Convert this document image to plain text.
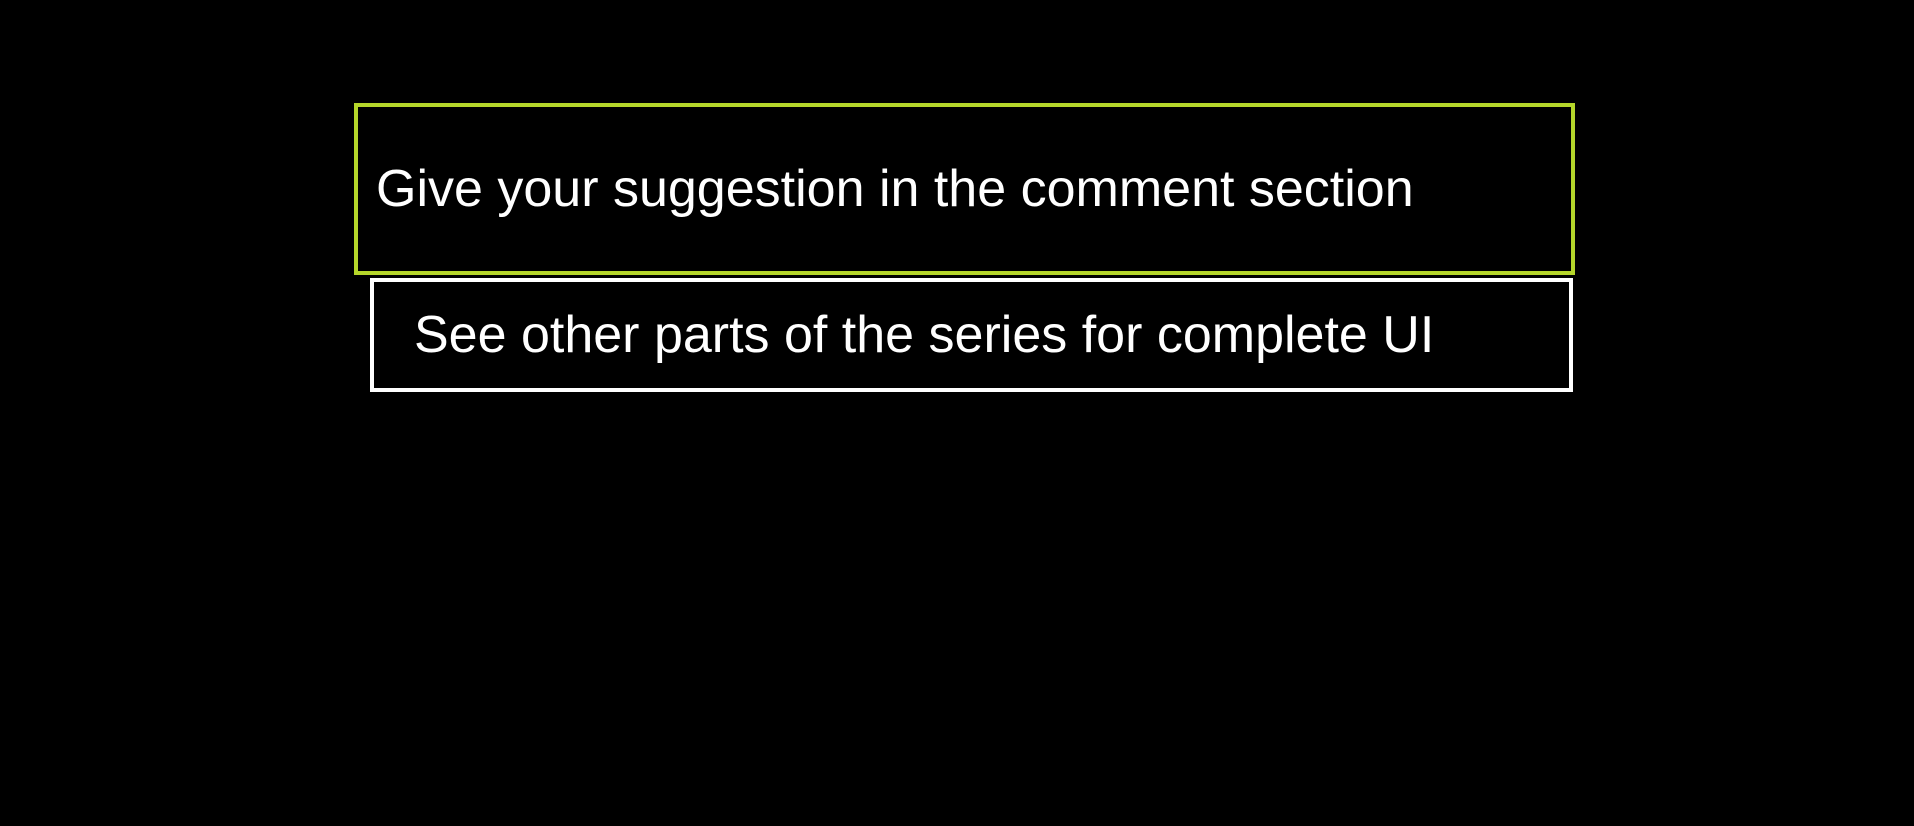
Give your suggestion in the comment section
See other parts of the series for complete UI
